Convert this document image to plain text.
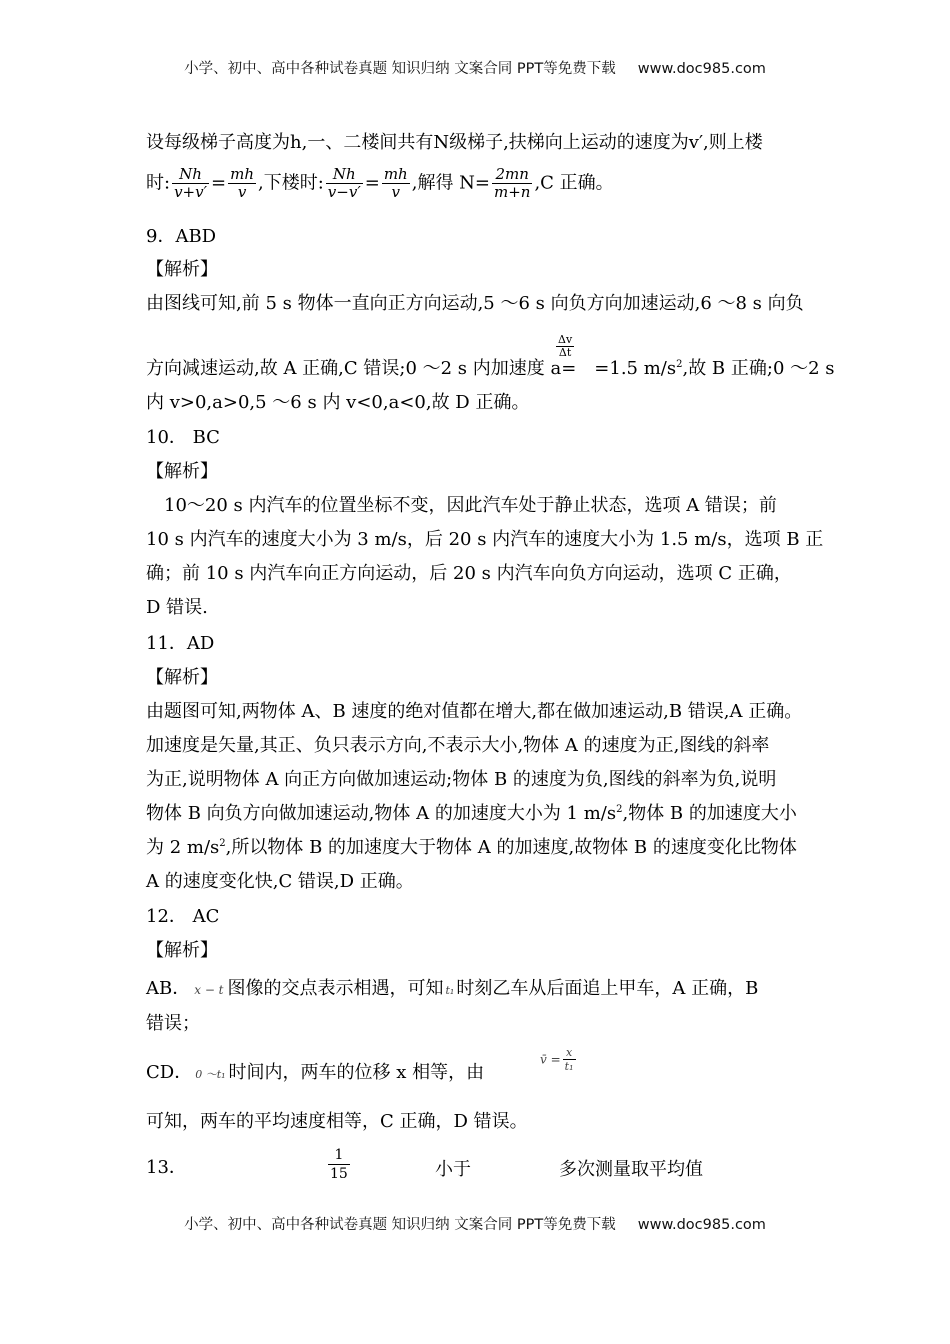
小学、初中、高中各种试卷真题 知识归纳 文案合同 PPT等免费下载 www.doc985.com
设每级梯子高度为h,一、二楼间共有N级梯子,扶梯向上运动的速度为v′,则上楼
时: $\frac{Nh}{v+v'} = \frac{mh}{v}$ ,下楼时: $\frac{Nh}{v-v'} = \frac{mh}{v}$ ,解得 $N= \frac{2mn}{m+n} ,C$ 正确。
9．ABD
【解析】
由图线可知,前 5 s 物体一直向正方向运动,5 ～6 s 向负方向加速运动,6 ～8 s 向负
$\frac{\Delta v}{\Delta t}$
方向减速运动,故 A 正确,C 错误;0 ～2 s 内加速度 a= =1.5 $m/s^2$,故 B 正确;0 ～2 s
内 v>0,a>0,5 ～6 s 内 v<0,a<0,故 D 正确。
10． BC
【解析】
10～20 s 内汽车的位置坐标不变，因此汽车处于静止状态，选项 A 错误；前
10 s 内汽车的速度大小为 3 m/s，后 20 s 内汽车的速度大小为 1.5 m/s，选项 B 正
确；前 10 s 内汽车向正方向运动，后 20 s 内汽车向负方向运动，选项 C 正确，
D 错误.
11．AD
【解析】
由题图可知,两物体 A、B 速度的绝对值都在增大,都在做加速运动,B 错误,A 正确。
加速度是矢量,其正、负只表示方向,不表示大小,物体 A 的速度为正,图线的斜率
为正,说明物体 A 向正方向做加速运动;物体 B 的速度为负,图线的斜率为负,说明
物体 B 向负方向做加速运动,物体 A 的加速度大小为 1 $m/s^2$,物体 B 的加速度大小
为 2 $m/s^2$,所以物体 B 的加速度大于物体 A 的加速度,故物体 B 的速度变化比物体
A 的速度变化快,C 错误,D 正确。
12． AC
【解析】
AB． x − t 图像的交点表示相遇，可知 t₁ 时刻乙车从后面追上甲车，A 正确，B
错误；
CD． 0 ～t₁ 时间内，两车的位移 x 相等，由
v̄ = $\frac{x}{\text{t₁}}$
可知，两车的平均速度相等，C 正确，D 错误。
13．	$\frac{1}{15}$	小于	多次测量取平均值
小学、初中、高中各种试卷真题 知识归纳 文案合同 PPT等免费下载 www.doc985.com
